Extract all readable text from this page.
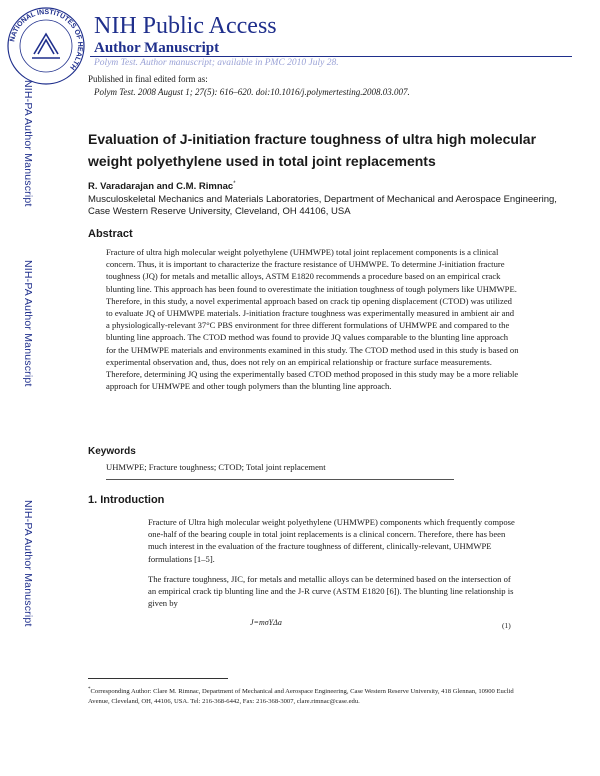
NATIONAL INSTITUTES OF HEALTH
NIH Public Access
Author Manuscript
Polym Test. Author manuscript; available in PMC 2010 July 28.
Published in final edited form as:
Polym Test. 2008 August 1; 27(5): 616–620. doi:10.1016/j.polymertesting.2008.03.007.
NIH-PA Author Manuscript
NIH-PA Author Manuscript
NIH-PA Author Manuscript
Evaluation of J-initiation fracture toughness of ultra high molecular weight polyethylene used in total joint replacements
R. Varadarajan and C.M. Rimnac*
Musculoskeletal Mechanics and Materials Laboratories, Department of Mechanical and Aerospace Engineering, Case Western Reserve University, Cleveland, OH 44106, USA
Abstract
Fracture of ultra high molecular weight polyethylene (UHMWPE) total joint replacement components is a clinical concern. Thus, it is important to characterize the fracture resistance of UHMWPE. To determine J-initiation fracture toughness (JQ) for metals and metallic alloys, ASTM E1820 recommends a procedure based on an empirical crack blunting line. This approach has been found to overestimate the initiation toughness of tough polymers like UHMWPE. Therefore, in this study, a novel experimental approach based on crack tip opening displacement (CTOD) was utilized to evaluate JQ of UHMWPE materials. J-initiation fracture toughness was experimentally measured in ambient air and a physiologically-relevant 37°C PBS environment for three different formulations of UHMWPE and compared to the blunting line approach. The CTOD method was found to provide JQ values comparable to the blunting line approach for the UHMWPE materials and environments examined in this study. The CTOD method used in this study is based on experimental observation and, thus, does not rely on an empirical relationship or fracture surface measurements. Therefore, determining JQ using the experimentally based CTOD method proposed in this study may be a more reliable approach for UHMWPE and other tough polymers than the blunting line approach.
Keywords
UHMWPE; Fracture toughness; CTOD; Total joint replacement
1. Introduction
Fracture of Ultra high molecular weight polyethylene (UHMWPE) components which frequently compose one-half of the bearing couple in total joint replacements is a clinical concern. Therefore, there has been much interest in the evaluation of the fracture toughness of different, clinically-relevant, UHMWPE formulations [1–5].
The fracture toughness, JIC, for metals and metallic alloys can be determined based on the intersection of an empirical crack tip blunting line and the J-R curve (ASTM E1820 [6]). The blunting line relationship is given by
J=mσYΔa	(1)
*Corresponding Author: Clare M. Rimnac, Department of Mechanical and Aerospace Engineering, Case Western Reserve University, 418 Glennan, 10900 Euclid Avenue, Cleveland, OH, 44106, USA. Tel: 216-368-6442, Fax: 216-368-3007, clare.rimnac@case.edu.
